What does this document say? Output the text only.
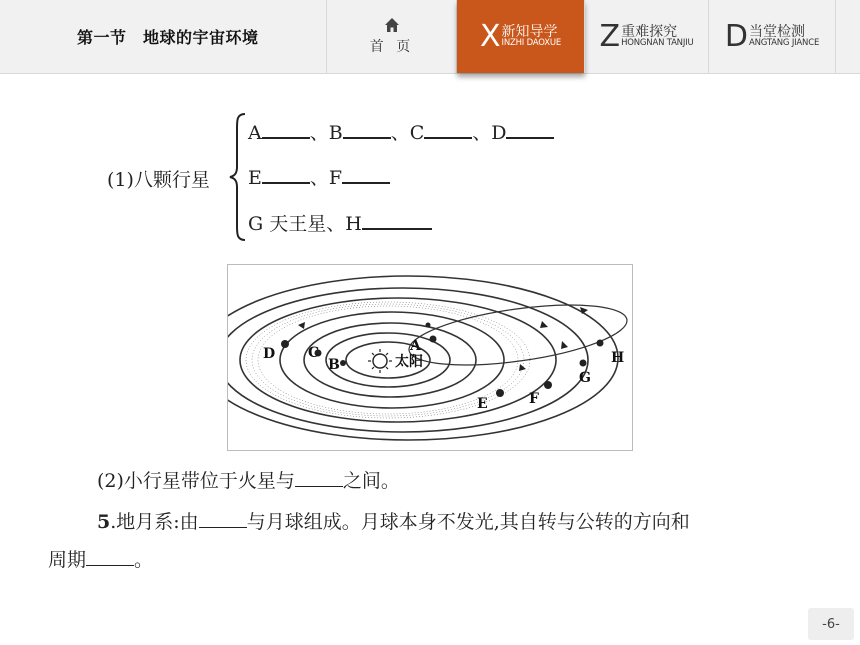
第一节　地球的宇宙环境	首 页 X 新知导学
INZHI DAOXUE Z 重难探究
HONGNAN TANJIU D 当堂检测
ANGTANG JIANCE
(1)八颗行星
A	、B	、C	、D
E	、F
G 天王星、H
A
B
C
D
E	F
G
H
太阳
(2)小行星带位于火星与	之间。
5.地月系:由	与月球组成。月球本身不发光,其自转与公转的方向和
周期	。
-6-
